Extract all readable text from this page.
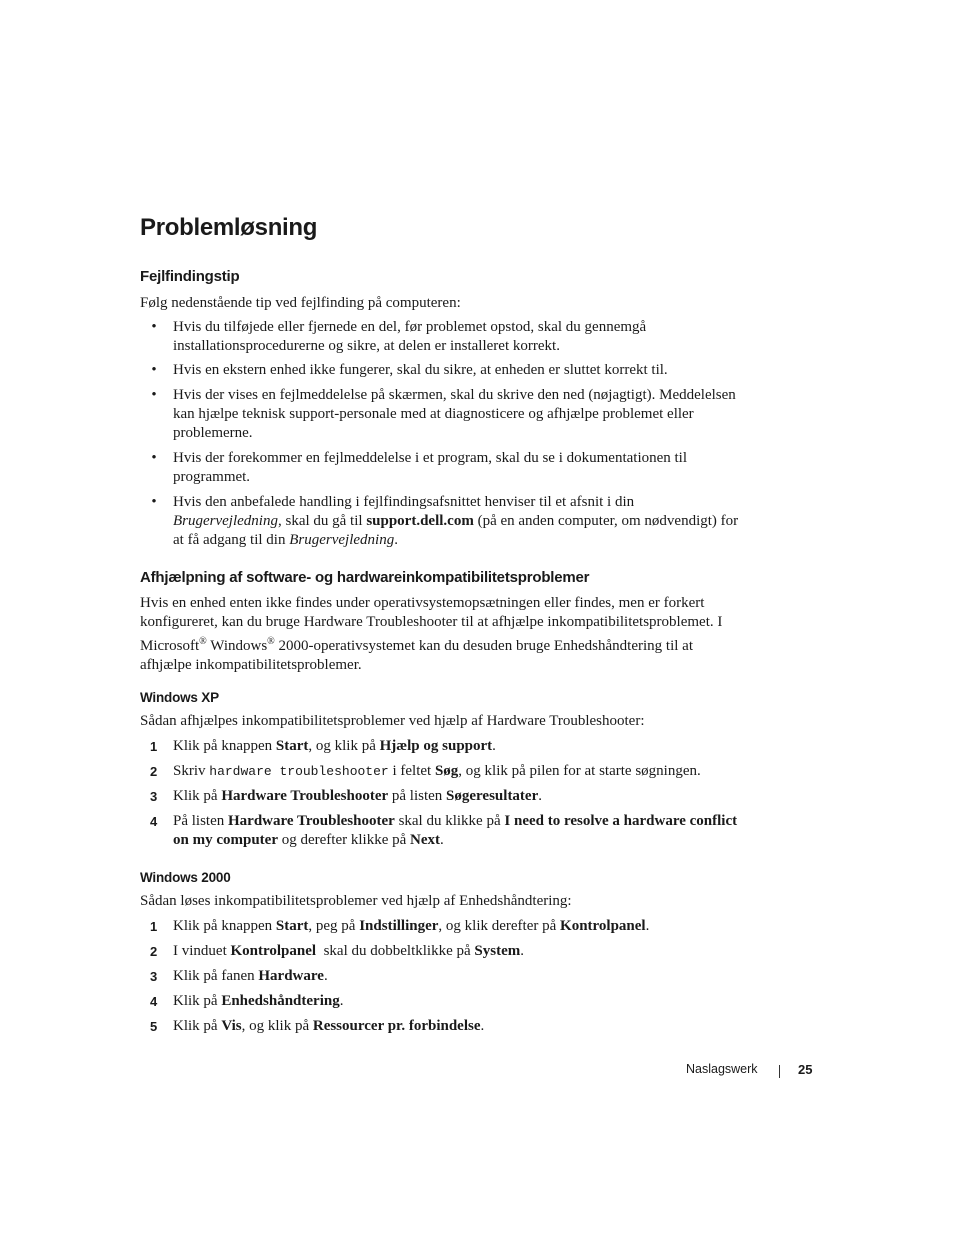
Problemløsning
Fejlfindingstip

Følg nedenstående tip ved fejlfinding på computeren:

• Hvis du tilføjede eller fjernede en del, før problemet opstod, skal du gennemgå installationsprocedurerne og sikre, at delen er installeret korrekt.
• Hvis en ekstern enhed ikke fungerer, skal du sikre, at enheden er sluttet korrekt til.
• Hvis der vises en fejlmeddelelse på skærmen, skal du skrive den ned (nøjagtigt). Meddelelsen kan hjælpe teknisk support-personale med at diagnosticere og afhjælpe problemet eller problemerne.
• Hvis der forekommer en fejlmeddelelse i et program, skal du se i dokumentationen til programmet.
• Hvis den anbefalede handling i fejlfindingsafsnittet henviser til et afsnit i din Brugervejledning, skal du gå til support.dell.com (på en anden computer, om nødvendigt) for at få adgang til din Brugervejledning.
Afhjælpning af software- og hardwareinkompatibilitetsproblemer

Hvis en enhed enten ikke findes under operativsystemopsætningen eller findes, men er forkert konfigureret, kan du bruge Hardware Troubleshooter til at afhjælpe inkompatibilitetsproblemet. I Microsoft® Windows® 2000-operativsystemet kan du desuden bruge Enhedshåndtering til at afhjælpe inkompatibilitetsproblemer.

Windows XP

Sådan afhjælpes inkompatibilitetsproblemer ved hjælp af Hardware Troubleshooter:

1 Klik på knappen Start, og klik på Hjælp og support.
2 Skriv hardware troubleshooter i feltet Søg, og klik på pilen for at starte søgningen.
3 Klik på Hardware Troubleshooter på listen Søgeresultater.
4 På listen Hardware Troubleshooter skal du klikke på I need to resolve a hardware conflict on my computer og derefter klikke på Next.
Windows 2000

Sådan løses inkompatibilitetsproblemer ved hjælp af Enhedshåndtering:

1 Klik på knappen Start, peg på Indstillinger, og klik derefter på Kontrolpanel.
2 I vinduet Kontrolpanel  skal du dobbeltklikke på System.
3 Klik på fanen Hardware.
4 Klik på Enhedshåndtering.
5 Klik på Vis, og klik på Ressourcer pr. forbindelse.
Naslagswerk	25
